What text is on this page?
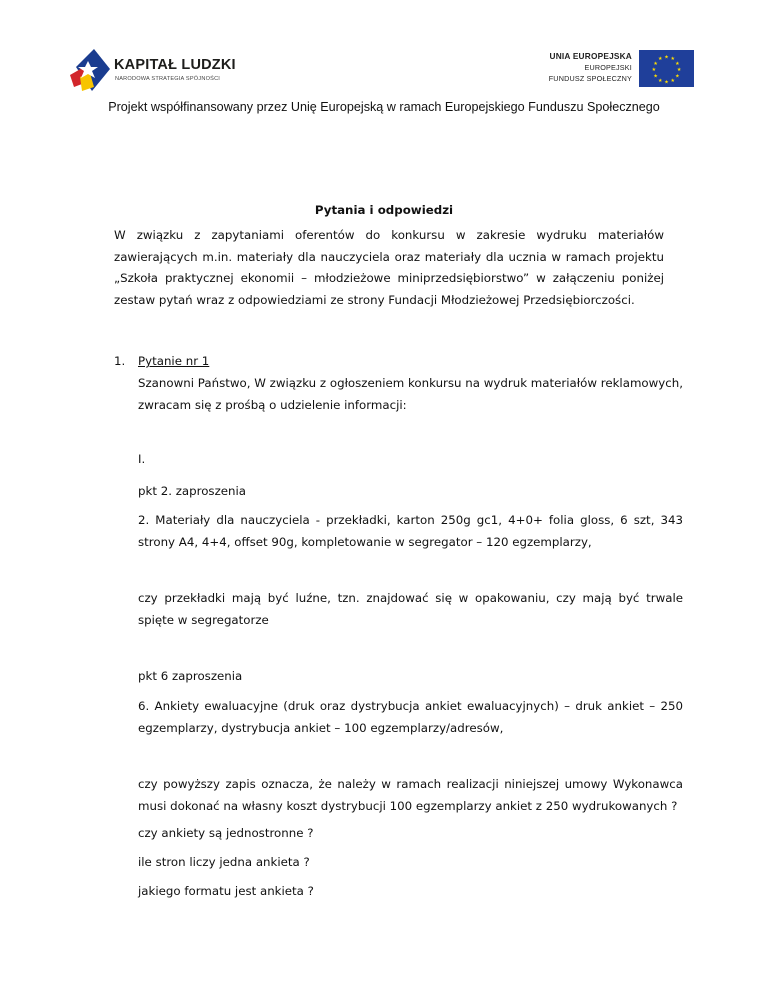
KAPITAŁ LUDZKI
NARODOWA STRATEGIA SPÓJNOŚCI
UNIA EUROPEJSKA
EUROPEJSKI
FUNDUSZ SPOŁECZNY
★ ★
★
★
★
★
★
★
★
★
★
★
Projekt współfinansowany przez Unię Europejską w ramach Europejskiego Funduszu Społecznego
Pytania i odpowiedzi
W związku z zapytaniami oferentów do konkursu w zakresie wydruku materiałów zawierających m.in. materiały dla nauczyciela oraz materiały dla ucznia w ramach projektu „Szkoła praktycznej ekonomii – młodzieżowe miniprzedsiębiorstwo” w załączeniu poniżej zestaw pytań wraz z odpowiedziami ze strony Fundacji Młodzieżowej Przedsiębiorczości.
1. Pytanie nr 1
Szanowni Państwo, W związku z ogłoszeniem konkursu na wydruk materiałów reklamowych, zwracam się z prośbą o udzielenie informacji:
I.
pkt 2. zaproszenia
2. Materiały dla nauczyciela - przekładki, karton 250g gc1, 4+0+ folia gloss, 6 szt, 343 strony A4, 4+4, offset 90g, kompletowanie w segregator – 120 egzemplarzy,
czy przekładki mają być luźne, tzn. znajdować się w opakowaniu, czy mają być trwale spięte w segregatorze
pkt 6 zaproszenia
6. Ankiety ewaluacyjne (druk oraz dystrybucja ankiet ewaluacyjnych) – druk ankiet – 250 egzemplarzy, dystrybucja ankiet – 100 egzemplarzy/adresów,
czy powyższy zapis oznacza, że należy w ramach realizacji niniejszej umowy Wykonawca musi dokonać na własny koszt dystrybucji 100 egzemplarzy ankiet z 250 wydrukowanych ?
czy ankiety są jednostronne ?
ile stron liczy jedna ankieta ?
jakiego formatu jest ankieta ?
